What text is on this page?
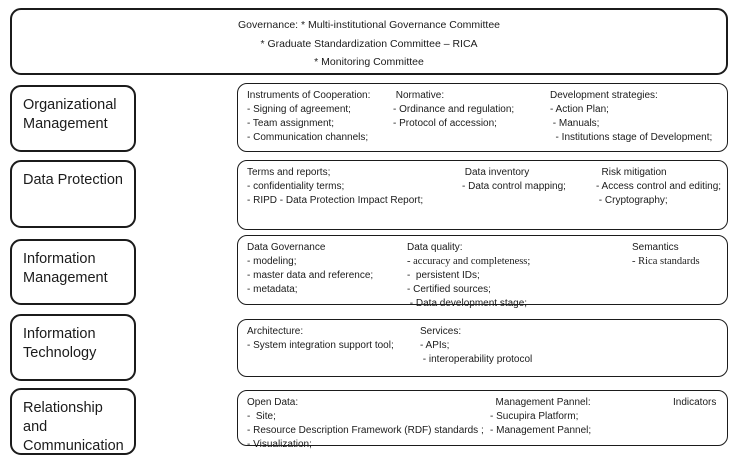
Governance: * Multi-institutional Governance Committee
* Graduate Standardization Committee – RICA
* Monitoring Committee
Organizational Management
Data Protection
Information Management
Information Technology
Relationship and Communication
Instruments of Cooperation:
- Signing of agreement;
- Team assignment;
- Communication channels;
Normative:
- Ordinance and regulation;
- Protocol of accession;
Development strategies:
- Action Plan;
- Manuals;
- Institutions stage of Development;
Terms and reports;
- confidentiality terms;
- RIPD - Data Protection Impact Report;
Data inventory
- Data control mapping;
Risk mitigation
- Access control and editing;
- Cryptography;
Data Governance
- modeling;
- master data and reference;
- metadata;
Data quality:
- accuracy and completeness;
-  persistent IDs;
- Certified sources;
- Data development stage;
Semantics
- Rica standards
Architecture:
- System integration support tool;
Services:
- APIs;
- interoperability protocol
Open Data:
-  Site;
- Resource Description Framework (RDF) standards ;
- Visualization;
Management Pannel:
- Sucupira Platform;
- Management Pannel;
Indicators
